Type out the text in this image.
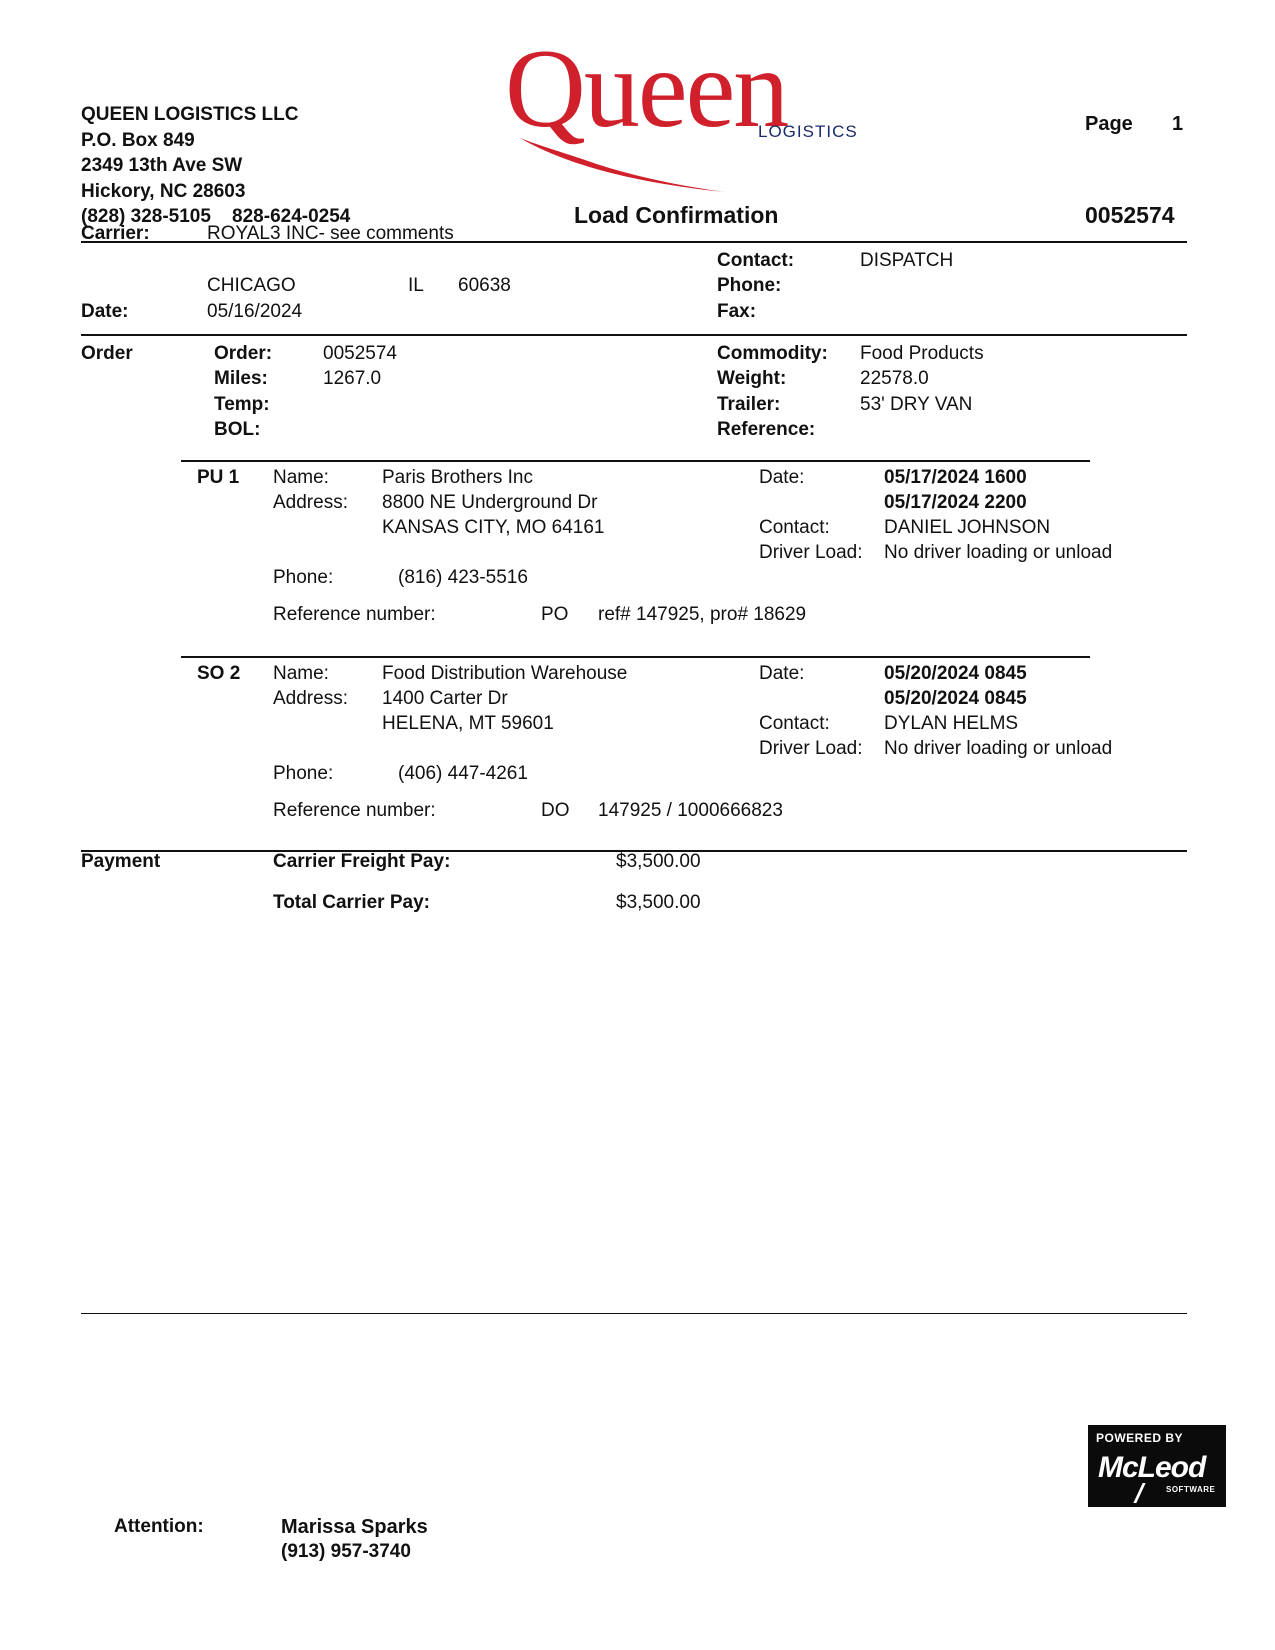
QUEEN LOGISTICS LLC
P.O. Box 849
2349 13th Ave SW
Hickory, NC 28603
(828) 328-5105    828-624-0254
Queen
LOGISTICS	Page 1
Load Confirmation	0052574
Carrier:	ROYAL3 INC- see comments
CHICAGO	IL 60638
Date:	05/16/2024
Contact:	DISPATCH
Phone:
Fax:
Order	Order:	0052574
Miles:	1267.0
Temp:
BOL:
Commodity: Food Products
Weight:	22578.0
Trailer:	53' DRY VAN
Reference:
PU 1 Name:	Paris Brothers Inc
Address: 8800 NE Underground Dr
KANSAS CITY, MO 64161
Date:	05/17/2024 1600
05/17/2024 2200
Contact:	DANIEL JOHNSON
Driver Load: No driver loading or unload
Phone:	(816) 423-5516
Reference number:	PO ref# 147925, pro# 18629
SO 2 Name:	Food Distribution Warehouse
Address: 1400 Carter Dr
HELENA, MT 59601
Date:	05/20/2024 0845
05/20/2024 0845
Contact:	DYLAN HELMS
Driver Load: No driver loading or unload
Phone:	(406) 447-4261
Reference number:	DO 147925 / 1000666823
Payment	Carrier Freight Pay:	$3,500.00
Total Carrier Pay:	$3,500.00
POWERED BY
McLeod
SOFTWARE
Attention:	Marissa Sparks
(913) 957-3740
